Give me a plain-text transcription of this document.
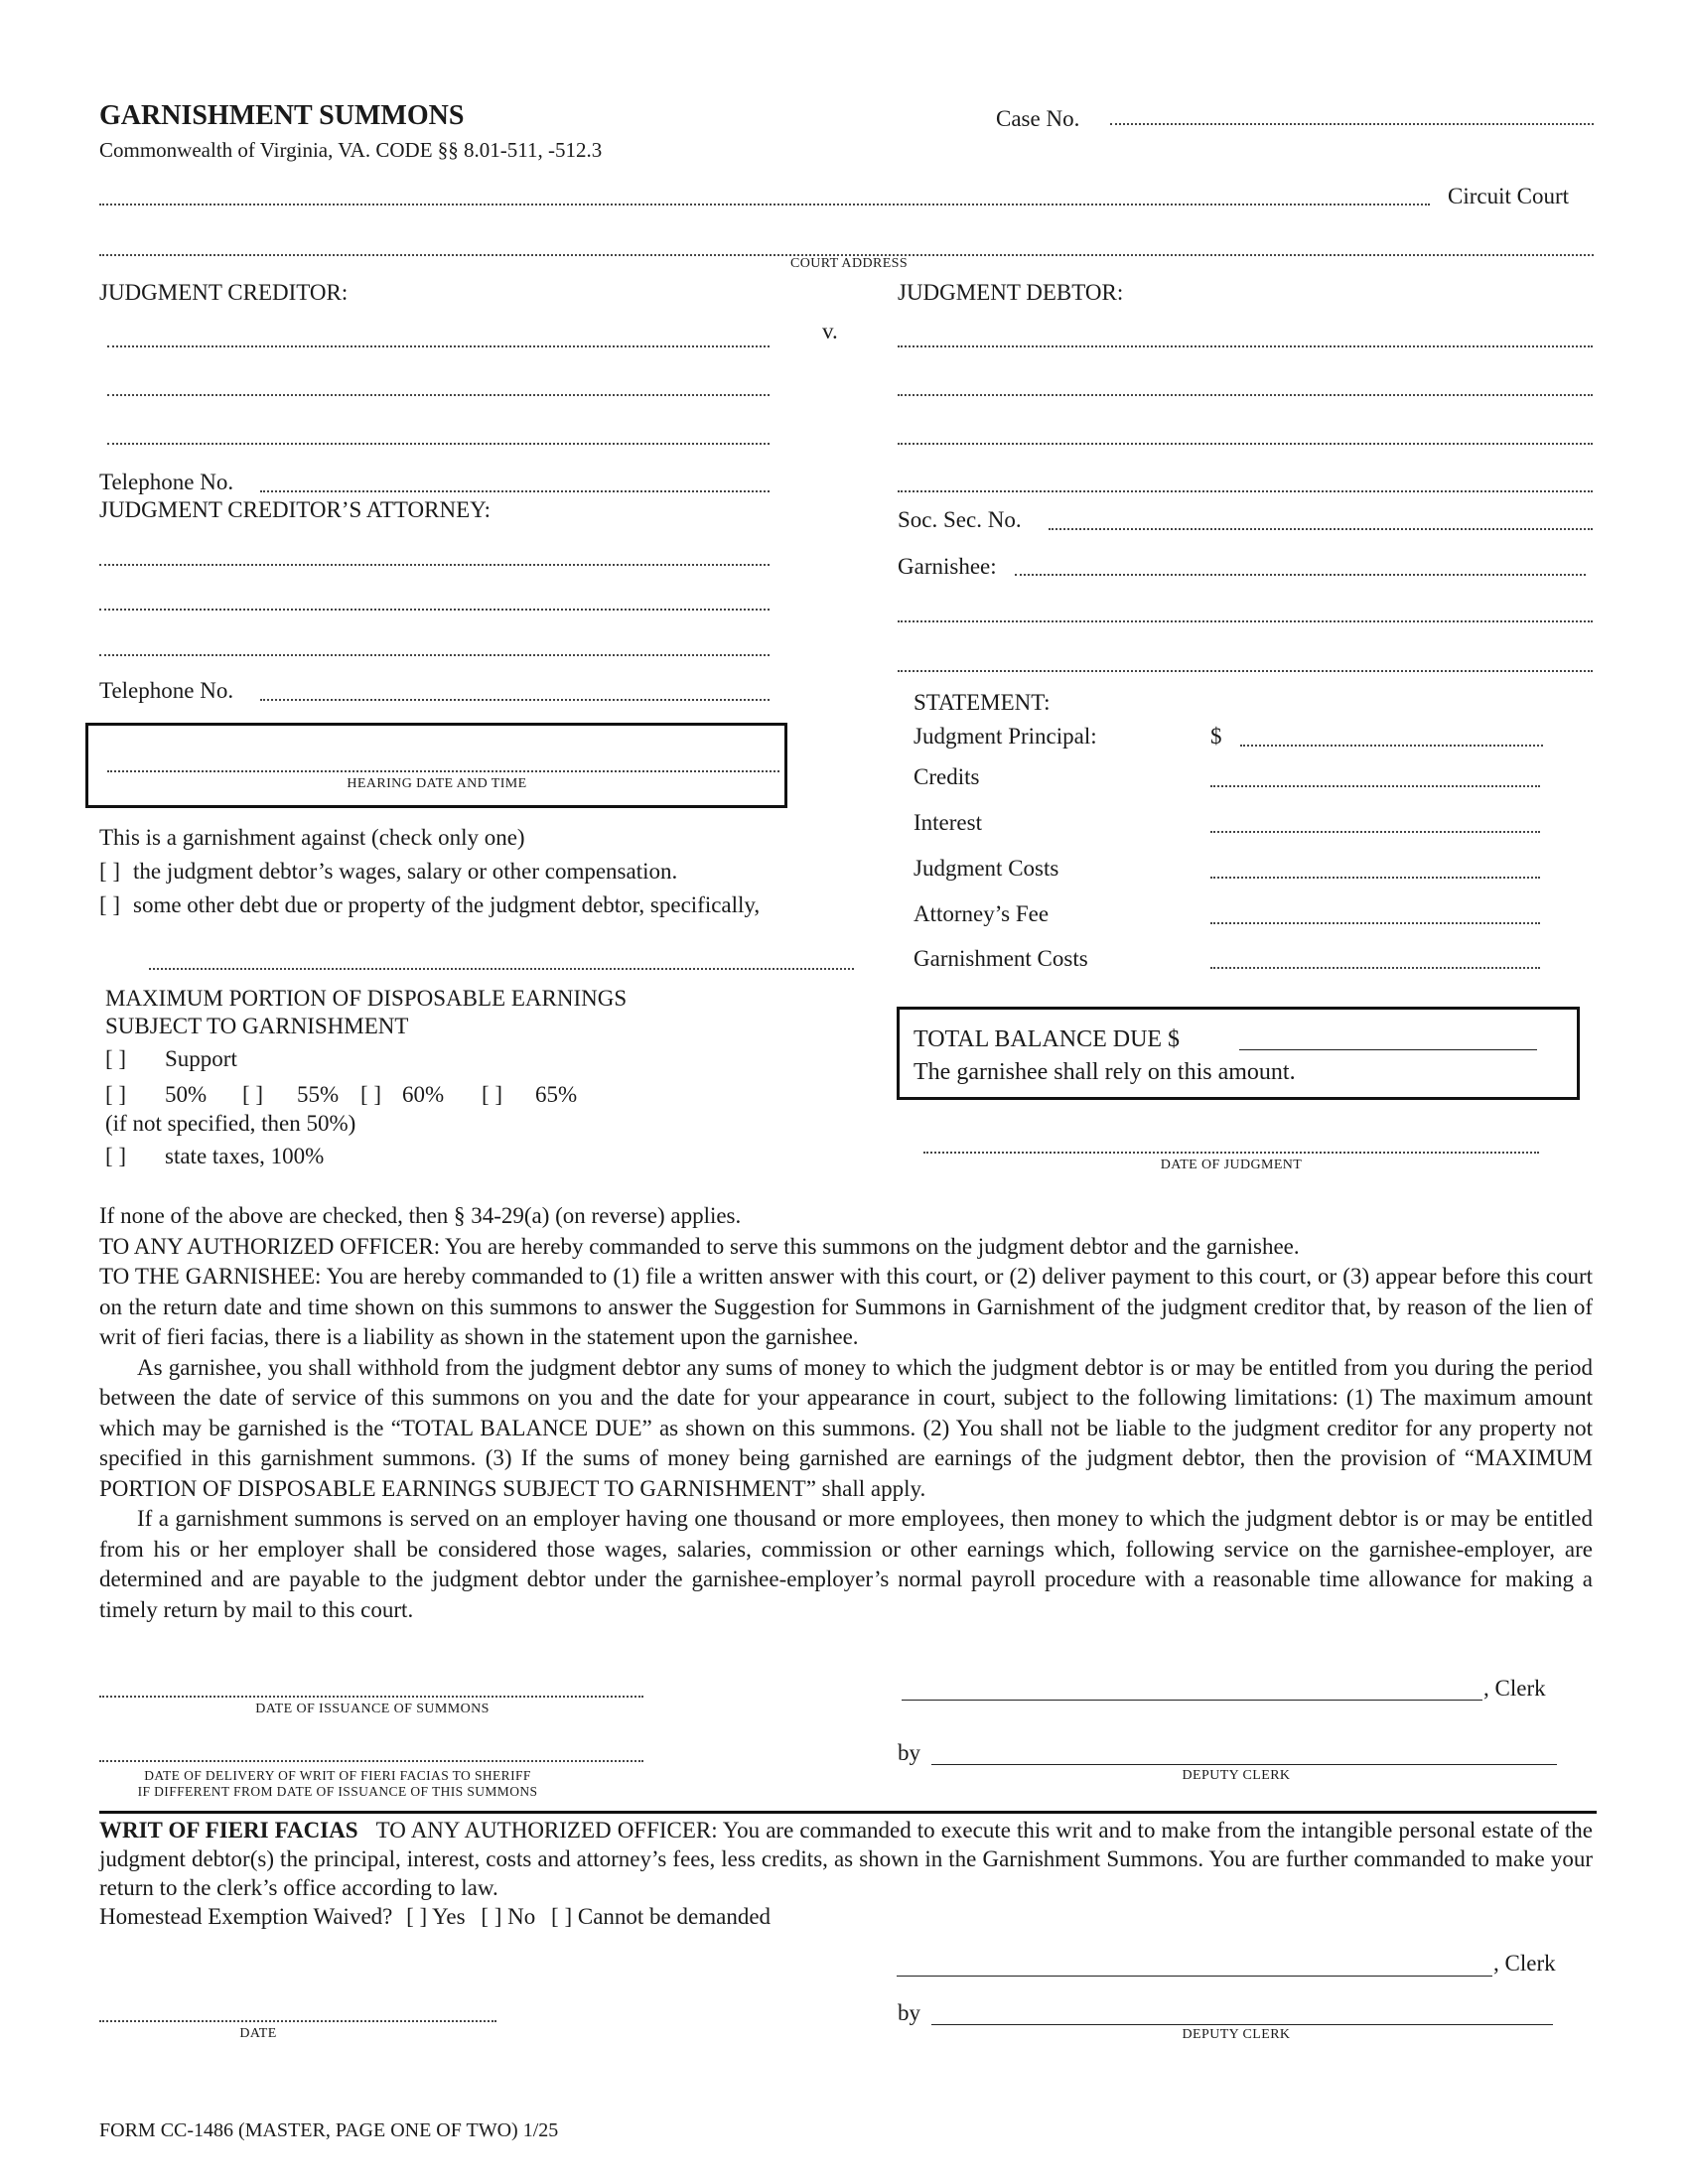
GARNISHMENT SUMMONS
Commonwealth of Virginia, VA. CODE §§ 8.01-511, -512.3
Case No.
Circuit Court
COURT ADDRESS
JUDGMENT CREDITOR:	JUDGMENT DEBTOR:
v.
Telephone No.
JUDGMENT CREDITOR’S ATTORNEY:
Telephone No.
Soc. Sec. No.
Garnishee:
HEARING DATE AND TIME
This is a garnishment against (check only one)
[ ] the judgment debtor’s wages, salary or other compensation.
[ ] some other debt due or property of the judgment debtor, specifically,
MAXIMUM PORTION OF DISPOSABLE EARNINGS
SUBJECT TO GARNISHMENT
[ ] Support
[ ] 50% [ ] 55% [ ] 60% [ ] 65%
(if not specified, then 50%)
[ ] state taxes, 100%
STATEMENT:
Judgment Principal:	$
Credits
Interest
Judgment Costs
Attorney’s Fee
Garnishment Costs
TOTAL BALANCE DUE $
The garnishee shall rely on this amount.
DATE OF JUDGMENT

If none of the above are checked, then § 34-29(a) (on reverse) applies.

TO ANY AUTHORIZED OFFICER: You are hereby commanded to serve this summons on the judgment debtor and the garnishee.

TO THE GARNISHEE: You are hereby commanded to (1) file a written answer with this court, or (2) deliver payment to this court, or (3) appear before this court on the return date and time shown on this summons to answer the Suggestion for Summons in Garnishment of the judgment creditor that, by reason of the lien of writ of fieri facias, there is a liability as shown in the statement upon the garnishee.

As garnishee, you shall withhold from the judgment debtor any sums of money to which the judgment debtor is or may be entitled from you during the period between the date of service of this summons on you and the date for your appearance in court, subject to the following limitations: (1) The maximum amount which may be garnished is the “TOTAL BALANCE DUE” as shown on this summons. (2) You shall not be liable to the judgment creditor for any property not specified in this garnishment summons. (3) If the sums of money being garnished are earnings of the judgment debtor, then the provision of “MAXIMUM PORTION OF DISPOSABLE EARNINGS SUBJECT TO GARNISHMENT” shall apply.

If a garnishment summons is served on an employer having one thousand or more employees, then money to which the judgment debtor is or may be entitled from his or her employer shall be considered those wages, salaries, commission or other earnings which, following service on the garnishee-employer, are determined and are payable to the judgment debtor under the garnishee-employer’s normal payroll procedure with a reasonable time allowance for making a timely return by mail to this court.

DATE OF ISSUANCE OF SUMMONS
, Clerk
DATE OF DELIVERY OF WRIT OF FIERI FACIAS TO SHERIFF
IF DIFFERENT FROM DATE OF ISSUANCE OF THIS SUMMONS
by
DEPUTY CLERK

WRIT OF FIERI FACIAS TO ANY AUTHORIZED OFFICER: You are commanded to execute this writ and to make from the intangible personal estate of the judgment debtor(s) the principal, interest, costs and attorney’s fees, less credits, as shown in the Garnishment Summons. You are further commanded to make your return to the clerk’s office according to law.

Homestead Exemption Waived? [ ] Yes [ ] No [ ] Cannot be demanded
, Clerk
DATE
by
DEPUTY CLERK
FORM CC-1486 (MASTER, PAGE ONE OF TWO) 1/25
